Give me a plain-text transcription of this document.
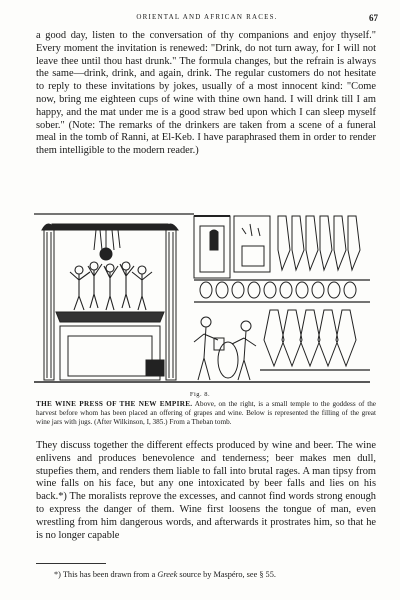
ORIENTAL AND AFRICAN RACES.	67

a good day, listen to the conversation of thy companions and enjoy thyself." Every moment the invitation is renewed: "Drink, do not turn away, for I will not leave thee until thou hast drunk." The formula changes, but the refrain is always the same—drink, drink, and again, drink. The regular customers do not hesitate to reply to these invitations by jokes, usually of a most innocent kind: "Come now, bring me eighteen cups of wine with thine own hand. I will drink till I am happy, and the mat under me is a good straw bed upon which I can sleep myself sober." (Note: The remarks of the drinkers are taken from a scene of a funeral meal in the tomb of Ranni, at El-Keb. I have paraphrased them in order to render them intelligible to the modern reader.)

Fig. 8.
THE WINE PRESS OF THE NEW EMPIRE. Above, on the right, is a small temple to the goddess of the harvest before whom has been placed an offering of grapes and wine. Below is represented the filling of the great wine jars with jugs. (After Wilkinson, I, 385.) From a Theban tomb.

They discuss together the different effects produced by wine and beer. The wine enlivens and produces benevolence and tenderness; beer makes men dull, stupefies them, and renders them liable to fall into brutal rages. A man tipsy from wine falls on his face, but any one intoxicated by beer falls and lies on his back.*) The moralists reprove the excesses, and cannot find words strong enough to express the danger of them. Wine first loosens the tongue of man, even wrestling from him dangerous words, and afterwards it prostrates him, so that he is no longer capable

*) This has been drawn from a Greek source by Maspéro, see § 55.
